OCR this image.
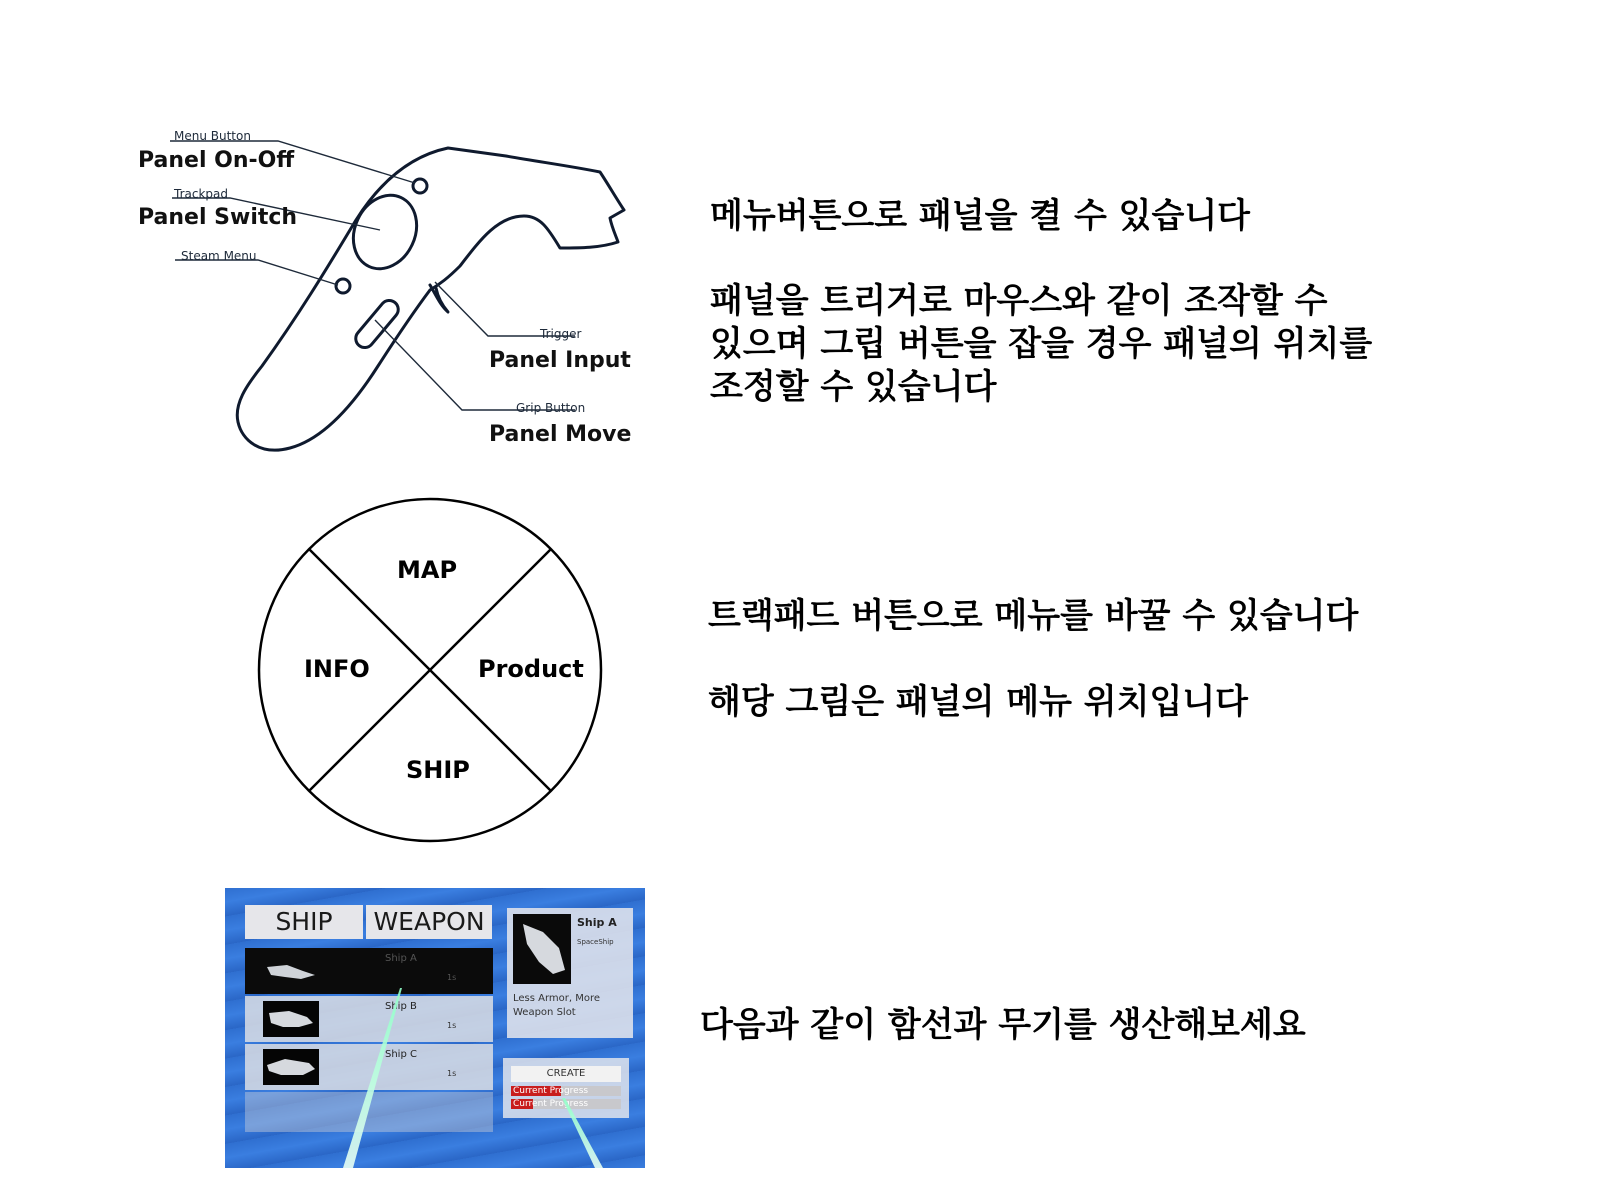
Menu Button
Panel On-Off
Trackpad
Panel Switch
Steam Menu
Trigger
Panel Input
Grip Button
Panel Move
메뉴버튼으로 패널을 켤 수 있습니다
패널을 트리거로 마우스와 같이 조작할 수
있으며 그립 버튼을 잡을 경우 패널의 위치를
조정할 수 있습니다
MAP
INFO	Product
SHIP
트랙패드 버튼으로 메뉴를 바꿀 수 있습니다
해당 그림은 패널의 메뉴 위치입니다
SHIP	WEAPON
Ship A
1s
Ship B
1s
Ship C
1s
Ship A
SpaceShip
Less Armor, More Weapon Slot
CREATE
Current Progress
Current Progress
다음과 같이 함선과 무기를 생산해보세요
